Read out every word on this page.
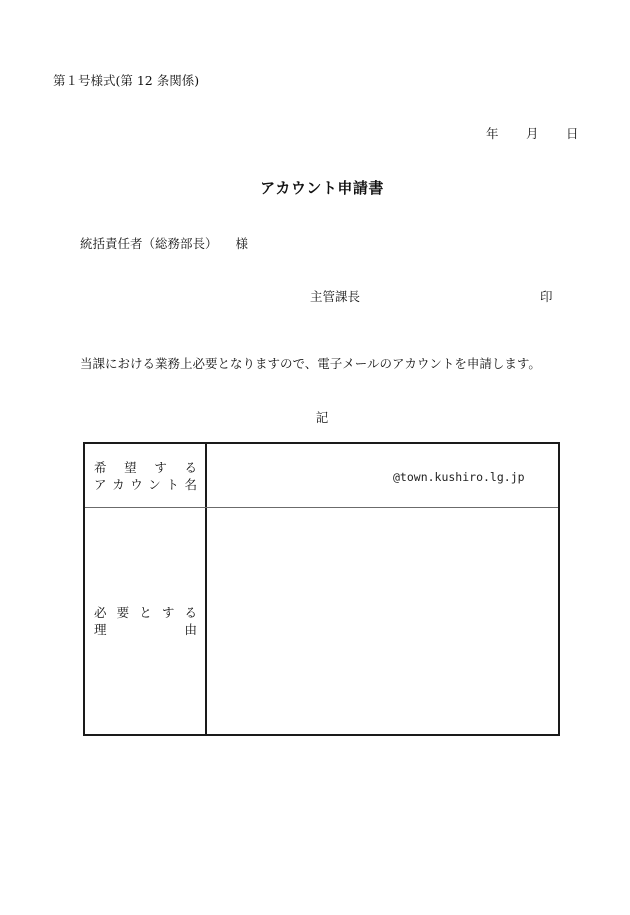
第１号様式(第 12 条関係)
年	月	日
アカウント申請書
統括責任者（総務部長） 様
主管課長	印
当課における業務上必要となりますので、電子メールのアカウントを申請します。
記
希　望　す　る
ア カ ウ ン ト 名	@town.kushiro.lg.jp
必 要 と す る
理　　　　　由
